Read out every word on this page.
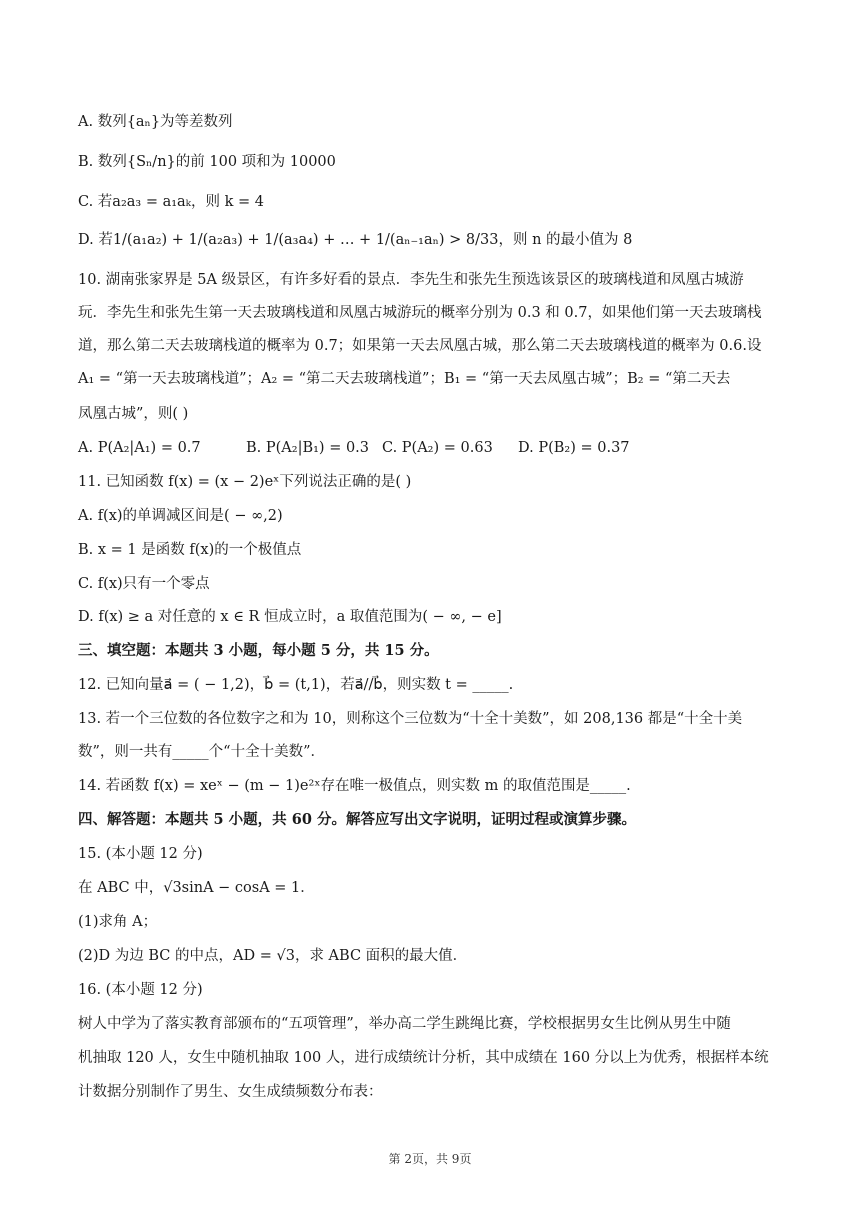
A. 数列{aₙ}为等差数列
B. 数列{Sₙ/n}的前 100 项和为 10000
C. 若a₂a₃ = a₁aₖ，则 k = 4
D. 若1/(a₁a₂) + 1/(a₂a₃) + 1/(a₃a₄) + … + 1/(aₙ₋₁aₙ) > 8/33，则 n 的最小值为 8
10. 湖南张家界是 5A 级景区，有许多好看的景点．李先生和张先生预选该景区的玻璃栈道和凤凰古城游
玩．李先生和张先生第一天去玻璃栈道和凤凰古城游玩的概率分别为 0.3 和 0.7，如果他们第一天去玻璃栈
道，那么第二天去玻璃栈道的概率为 0.7；如果第一天去凤凰古城，那么第二天去玻璃栈道的概率为 0.6.设
A₁ = “第一天去玻璃栈道”；A₂ = “第二天去玻璃栈道”；B₁ = “第一天去凤凰古城”；B₂ = “第二天去
凤凰古城”，则( )
A. P(A₂|A₁) = 0.7	B. P(A₂|B₁) = 0.3 C. P(A₂) = 0.63	D. P(B₂) = 0.37
11. 已知函数 f(x) = (x − 2)eˣ下列说法正确的是( )
A. f(x)的单调减区间是( − ∞,2)
B. x = 1 是函数 f(x)的一个极值点
C. f(x)只有一个零点
D. f(x) ≥ a 对任意的 x ∈ R 恒成立时，a 取值范围为( − ∞, − e]
三、填空题：本题共 3 小题，每小题 5 分，共 15 分。
12. 已知向量a⃗ = ( − 1,2)，b⃗ = (t,1)，若a⃗//b⃗，则实数 t = _____.
13. 若一个三位数的各位数字之和为 10，则称这个三位数为“十全十美数”，如 208,136 都是“十全十美
数”，则一共有_____个“十全十美数”．
14. 若函数 f(x) = xeˣ − (m − 1)e²ˣ存在唯一极值点，则实数 m 的取值范围是_____.
四、解答题：本题共 5 小题，共 60 分。解答应写出文字说明，证明过程或演算步骤。
15. (本小题 12 分)
在 ABC 中，√3sinA − cosA = 1．
(1)求角 A；
(2)D 为边 BC 的中点，AD = √3，求 ABC 面积的最大值．
16. (本小题 12 分)
树人中学为了落实教育部颁布的“五项管理”，举办高二学生跳绳比赛，学校根据男女生比例从男生中随
机抽取 120 人，女生中随机抽取 100 人，进行成绩统计分析，其中成绩在 160 分以上为优秀，根据样本统
计数据分别制作了男生、女生成绩频数分布表：
第 2页，共 9页
